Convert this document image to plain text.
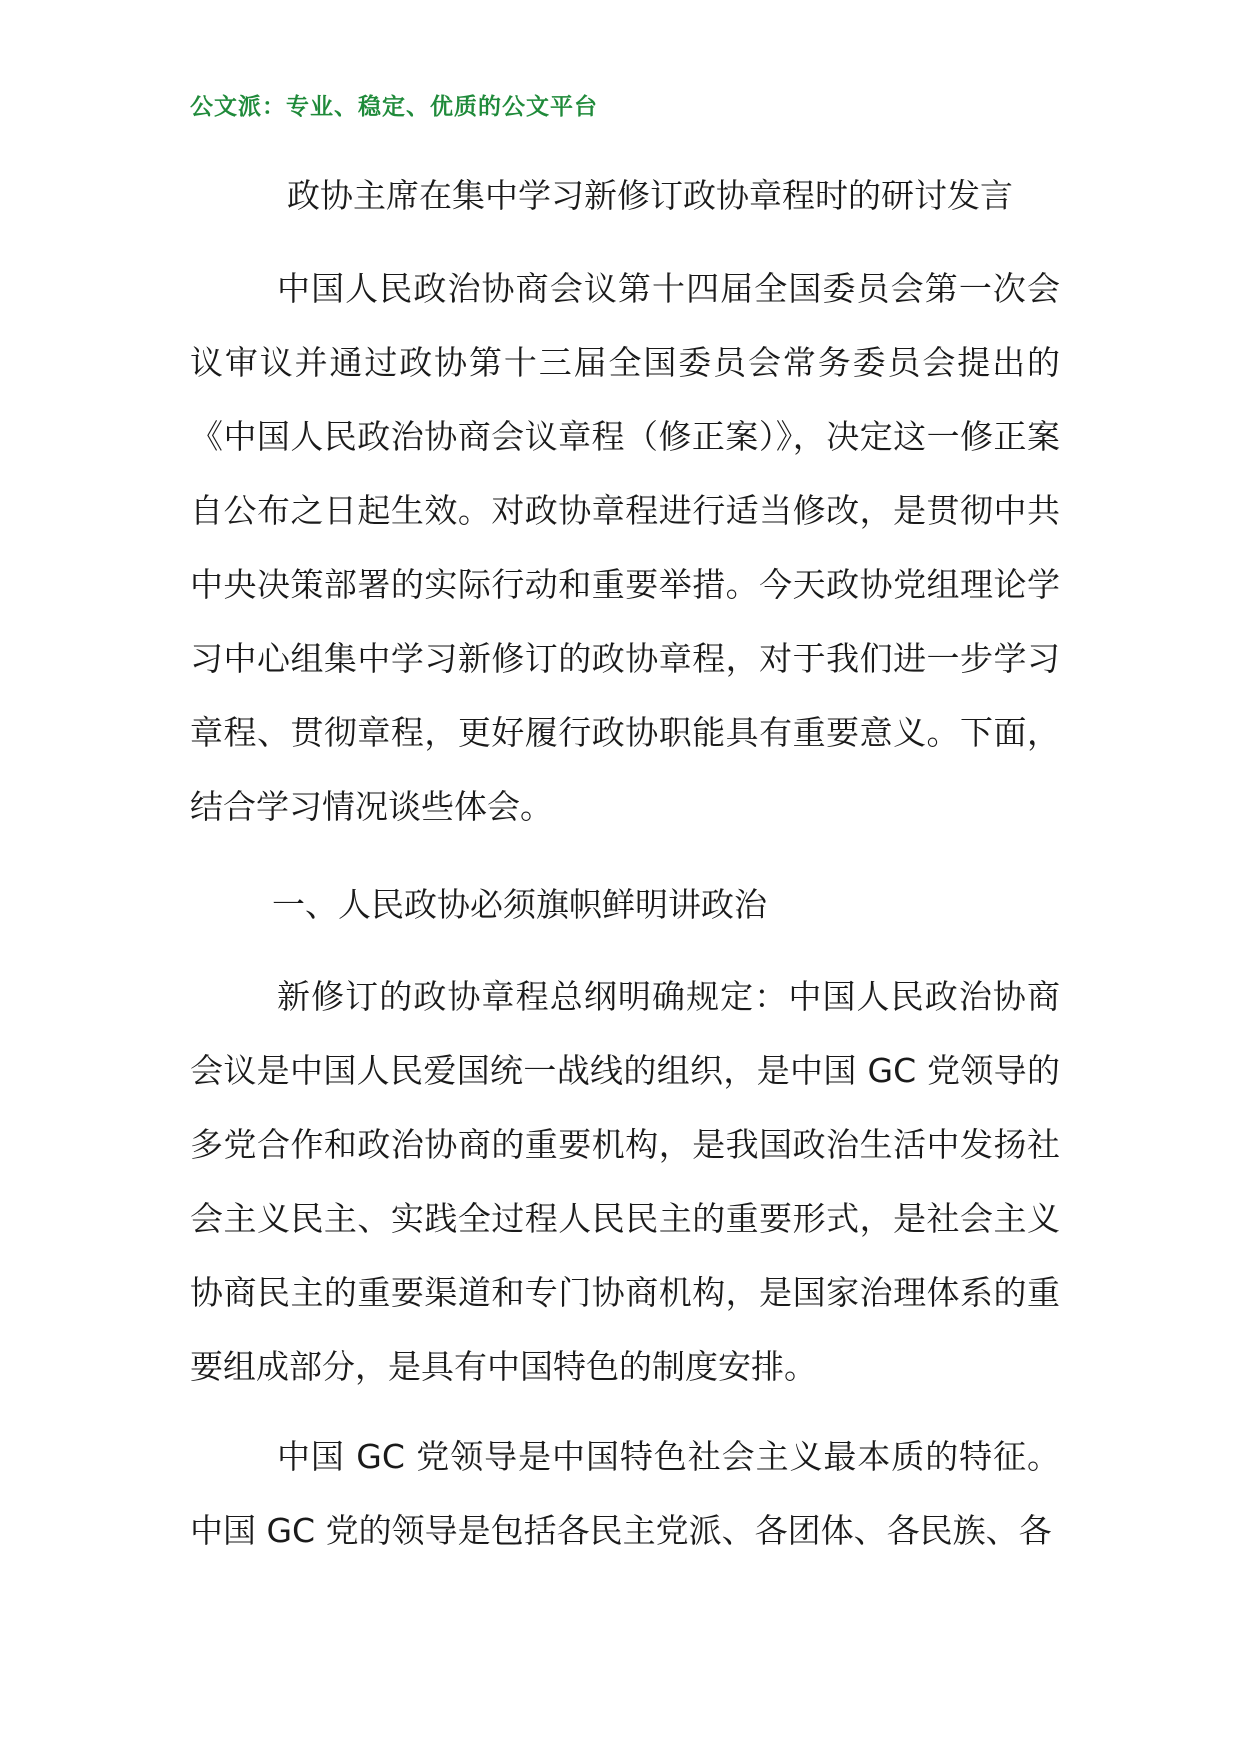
公文派：专业、稳定、优质的公文平台
政协主席在集中学习新修订政协章程时的研讨发言

中国人民政治协商会议第十四届全国委员会第一次会议审议并通过政协第十三届全国委员会常务委员会提出的《中国人民政治协商会议章程（修正案）》，决定这一修正案自公布之日起生效。对政协章程进行适当修改，是贯彻中共中央决策部署的实际行动和重要举措。今天政协党组理论学习中心组集中学习新修订的政协章程，对于我们进一步学习章程、贯彻章程，更好履行政协职能具有重要意义。下面，结合学习情况谈些体会。

一、人民政协必须旗帜鲜明讲政治

新修订的政协章程总纲明确规定：中国人民政治协商会议是中国人民爱国统一战线的组织，是中国 GC 党领导的多党合作和政治协商的重要机构，是我国政治生活中发扬社会主义民主、实践全过程人民民主的重要形式，是社会主义协商民主的重要渠道和专门协商机构，是国家治理体系的重要组成部分，是具有中国特色的制度安排。

中国 GC 党领导是中国特色社会主义最本质的特征。中国 GC 党的领导是包括各民主党派、各团体、各民族、各
